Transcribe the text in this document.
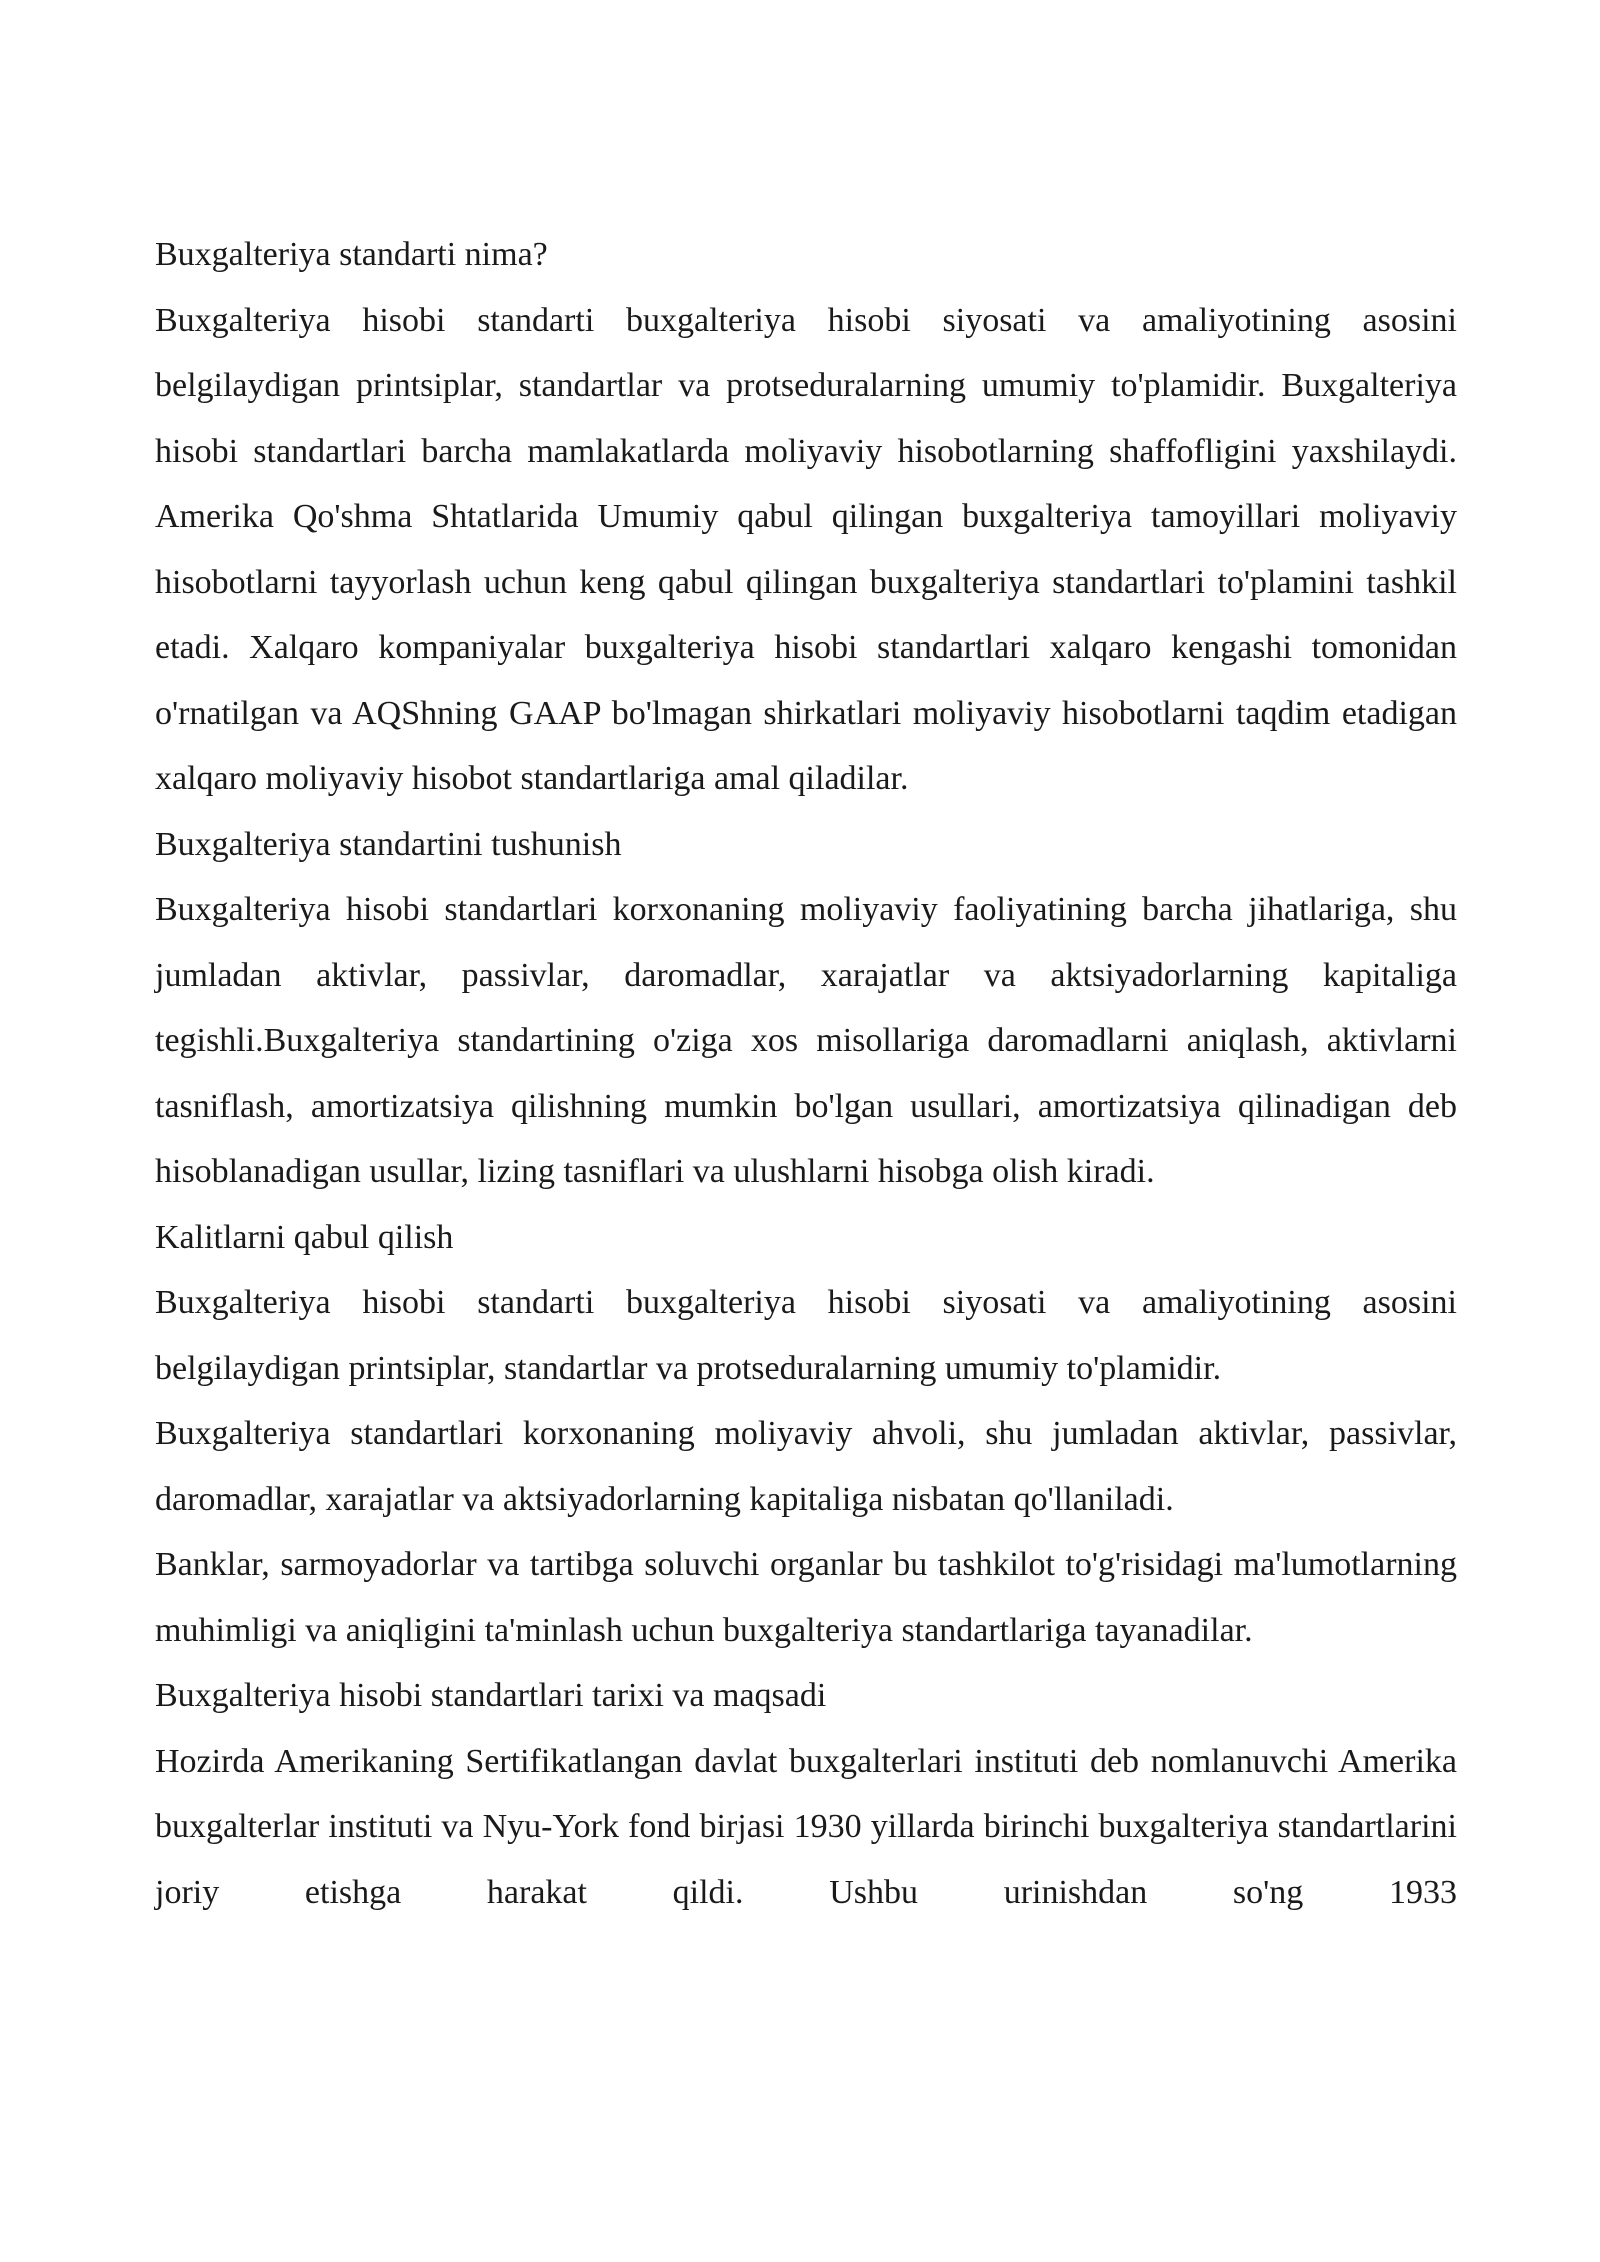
Buxgalteriya standarti nima?

Buxgalteriya hisobi standarti buxgalteriya hisobi siyosati va amaliyotining asosini belgilaydigan printsiplar, standartlar va protseduralarning umumiy to'plamidir. Buxgalteriya hisobi standartlari barcha mamlakatlarda moliyaviy hisobotlarning shaffofligini yaxshilaydi. Amerika Qo'shma Shtatlarida Umumiy qabul qilingan buxgalteriya tamoyillari moliyaviy hisobotlarni tayyorlash uchun keng qabul qilingan buxgalteriya standartlari to'plamini tashkil etadi. Xalqaro kompaniyalar buxgalteriya hisobi standartlari xalqaro kengashi tomonidan o'rnatilgan va AQShning GAAP bo'lmagan shirkatlari moliyaviy hisobotlarni taqdim etadigan xalqaro moliyaviy hisobot standartlariga amal qiladilar.

Buxgalteriya standartini tushunish

Buxgalteriya hisobi standartlari korxonaning moliyaviy faoliyatining barcha jihatlariga, shu jumladan aktivlar, passivlar, daromadlar, xarajatlar va aktsiyadorlarning kapitaliga tegishli.Buxgalteriya standartining o'ziga xos misollariga daromadlarni aniqlash, aktivlarni tasniflash, amortizatsiya qilishning mumkin bo'lgan usullari, amortizatsiya qilinadigan deb hisoblanadigan usullar, lizing tasniflari va ulushlarni hisobga olish kiradi.

Kalitlarni qabul qilish

Buxgalteriya hisobi standarti buxgalteriya hisobi siyosati va amaliyotining asosini belgilaydigan printsiplar, standartlar va protseduralarning umumiy to'plamidir.

Buxgalteriya standartlari korxonaning moliyaviy ahvoli, shu jumladan aktivlar, passivlar, daromadlar, xarajatlar va aktsiyadorlarning kapitaliga nisbatan qo'llaniladi.

Banklar, sarmoyadorlar va tartibga soluvchi organlar bu tashkilot to'g'risidagi ma'lumotlarning muhimligi va aniqligini ta'minlash uchun buxgalteriya standartlariga tayanadilar.

Buxgalteriya hisobi standartlari tarixi va maqsadi

Hozirda Amerikaning Sertifikatlangan davlat buxgalterlari instituti deb nomlanuvchi Amerika buxgalterlar instituti va Nyu-York fond birjasi 1930 yillarda birinchi buxgalteriya standartlarini joriy etishga harakat qildi. Ushbu urinishdan so'ng 1933
